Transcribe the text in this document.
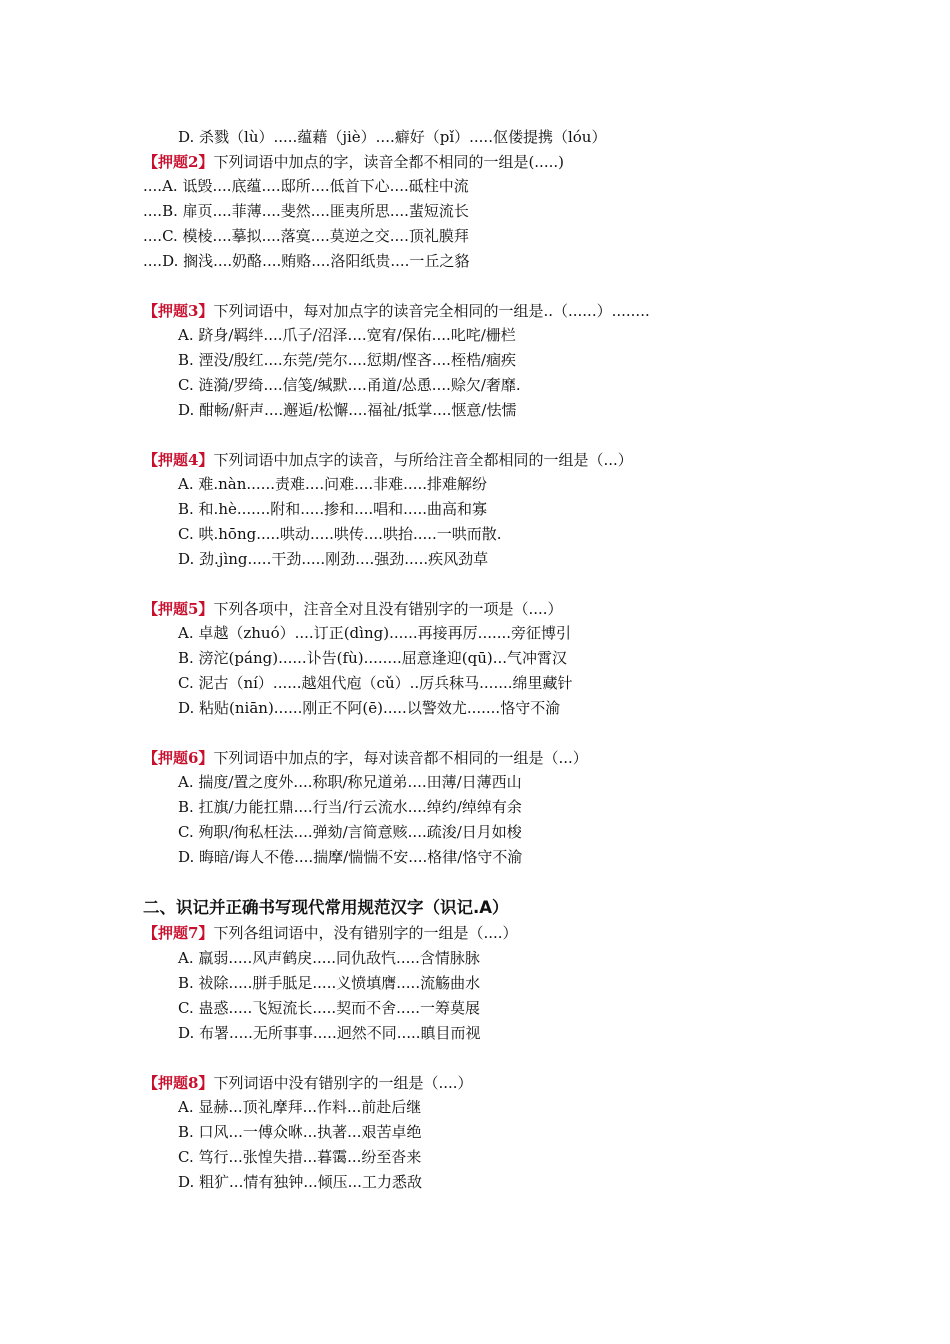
D. 杀戮（lù）.....蕴藉（jiè）....癖好（pǐ）.....伛偻提携（lóu）
【押题2】下列词语中加点的字，读音全都不相同的一组是(.....)
....A. 诋毁....底蕴....邸所....低首下心....砥柱中流
....B. 扉页....菲薄....斐然....匪夷所思....蜚短流长
....C. 模棱....摹拟....落寞....莫逆之交....顶礼膜拜
....D. 搁浅....奶酪....贿赂....洛阳纸贵....一丘之貉
【押题3】下列词语中，每对加点字的读音完全相同的一组是..（......）........
A. 跻身/羁绊....爪子/沼泽....宽宥/保佑....叱咤/栅栏
B. 湮没/殷红....东莞/莞尔....愆期/悭吝....桎梏/痼疾
C. 涟漪/罗绮....信笺/缄默....甬道/怂恿....赊欠/奢靡.
D. 酣畅/鼾声....邂逅/松懈....福祉/抵掌....惬意/怯懦
【押题4】下列词语中加点字的读音，与所给注音全都相同的一组是（...）
A. 难.nàn......责难....问难....非难.....排难解纷
B. 和.hè.......附和.....掺和....唱和.....曲高和寡
C. 哄.hōng.....哄动.....哄传....哄抬.....一哄而散.
D. 劲.jìng.....干劲.....刚劲....强劲.....疾风劲草
【押题5】下列各项中，注音全对且没有错别字的一项是（....）
A. 卓越（zhuó）....订正(dìng)......再接再厉.......旁征博引
B. 滂沱(páng)......讣告(fù)........屈意逢迎(qū)...气冲霄汉
C. 泥古（ní）......越俎代庖（cǔ）..厉兵秣马.......绵里藏针
D. 粘贴(niān)......刚正不阿(ē).....以警效尤.......恪守不渝
【押题6】下列词语中加点的字，每对读音都不相同的一组是（...）
A. 揣度/置之度外....称职/称兄道弟....田薄/日薄西山
B. 扛旗/力能扛鼎....行当/行云流水....绰约/绰绰有余
C. 殉职/徇私枉法....弹劾/言简意赅....疏浚/日月如梭
D. 晦暗/诲人不倦....揣摩/惴惴不安....格律/恪守不渝
二、识记并正确书写现代常用规范汉字（识记.A）
【押题7】下列各组词语中，没有错别字的一组是（....）
A. 羸弱.....风声鹤戾.....同仇敌忾.....含情脉脉
B. 祓除.....胼手胝足.....义愤填膺.....流觞曲水
C. 蛊惑.....飞短流长.....契而不舍.....一筹莫展
D. 布署.....无所事事.....迥然不同.....瞋目而视
【押题8】下列词语中没有错别字的一组是（....）
A. 显赫...顶礼摩拜...作料...前赴后继
B. 口风...一傅众咻...执著...艰苦卓绝
C. 笃行...张惶失措...暮霭...纷至沓来
D. 粗犷...情有独钟...倾压...工力悉敌
